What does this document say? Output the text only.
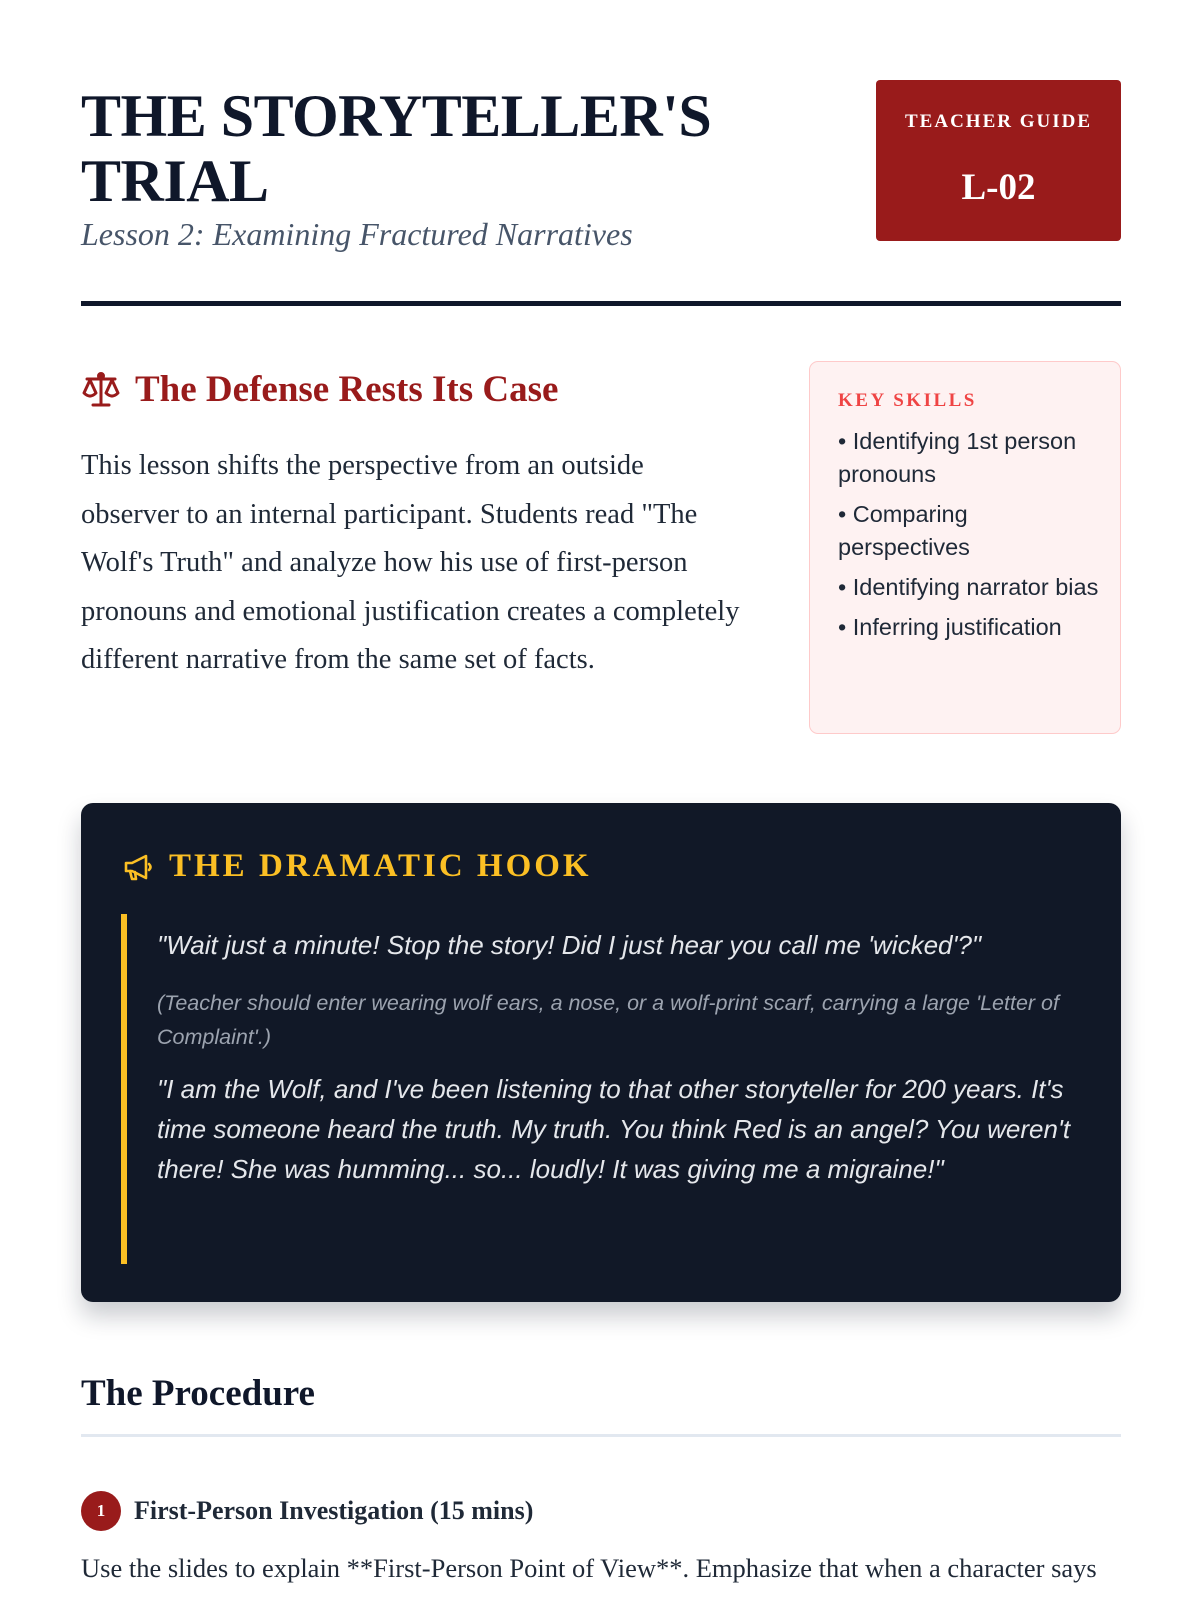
THE STORYTELLER'S TRIAL
Lesson 2: Examining Fractured Narratives
TEACHER GUIDE
L-02
The Defense Rests Its Case

This lesson shifts the perspective from an outside observer to an internal participant. Students read "The Wolf's Truth" and analyze how his use of first-person pronouns and emotional justification creates a completely different narrative from the same set of facts.

KEY SKILLS
• Identifying 1st person pronouns
• Comparing perspectives
• Identifying narrator bias
• Inferring justification
THE DRAMATIC HOOK

"Wait just a minute! Stop the story! Did I just hear you call me 'wicked'?"

(Teacher should enter wearing wolf ears, a nose, or a wolf-print scarf, carrying a large 'Letter of Complaint'.)

"I am the Wolf, and I've been listening to that other storyteller for 200 years. It's time someone heard the truth. My truth. You think Red is an angel? You weren't there! She was humming... so... loudly! It was giving me a migraine!"

The Procedure
1	First-Person Investigation (15 mins)

Use the slides to explain **First-Person Point of View**. Emphasize that when a character says
